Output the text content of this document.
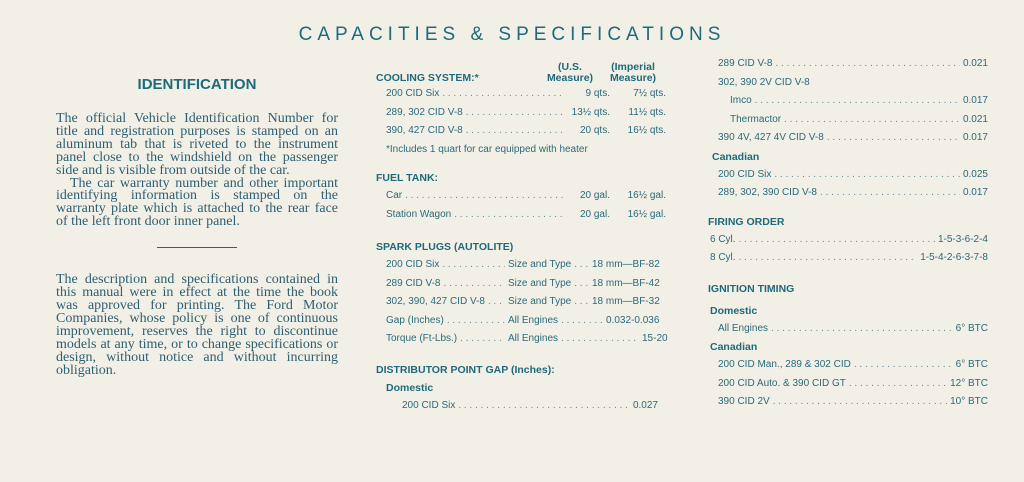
CAPACITIES & SPECIFICATIONS
IDENTIFICATION

The official Vehicle Identification Number for title and registration purposes is stamped on an aluminum tab that is riveted to the instrument panel close to the windshield on the passenger side and is visible from outside of the car.

The car warranty number and other important identifying information is stamped on the warranty plate which is attached to the rear face of the left front door inner panel.

The description and specifications contained in this manual were in effect at the time the book was approved for printing. The Ford Motor Companies, whose policy is one of continuous improvement, reserves the right to discontinue models at any time, or to change specifications or design, without notice and without incurring obligation.

COOLING SYSTEM:*
(U.S. Measure)
(Imperial Measure)
200 CID Six . . .	9 qts.	7½ qts.
289, 302 CID V-8 . . .	13½ qts.	11½ qts.
390, 427 CID V-8 . . .	20 qts.	16½ qts.
*Includes 1 quart for car equipped with heater
FUEL TANK:
Car . . .	20 gal.	16½ gal.
Station Wagon . . .	20 gal.	16½ gal.
SPARK PLUGS (AUTOLITE)
200 CID Six . . .	Size and Type . . . 18 mm—BF-82
289 CID V-8 . . .	Size and Type . . . 18 mm—BF-42
302, 390, 427 CID V-8 . . . Size and Type . . . 18 mm—BF-32
Gap (Inches) . . .	All Engines . . .	0.032-0.036
Torque (Ft-Lbs.) . . .	All Engines . . .	15-20
DISTRIBUTOR POINT GAP (Inches):
Domestic
200 CID Six . . .	0.027
289 CID V-8 . . .	0.021
302, 390 2V CID V-8
Imco . . .	0.017
Thermactor . . .	0.021
390 4V, 427 4V CID V-8 . . .	0.017
Canadian
200 CID Six . . .	0.025
289, 302, 390 CID V-8 . . .	0.017
FIRING ORDER
6 Cyl. . . .	1-5-3-6-2-4
8 Cyl. . . .	1-5-4-2-6-3-7-8
IGNITION TIMING
Domestic
All Engines . . .	6° BTC
Canadian
200 CID Man., 289 & 302 CID . . .	6° BTC
200 CID Auto. & 390 CID GT . . .	12° BTC
390 CID 2V . . .	10° BTC
